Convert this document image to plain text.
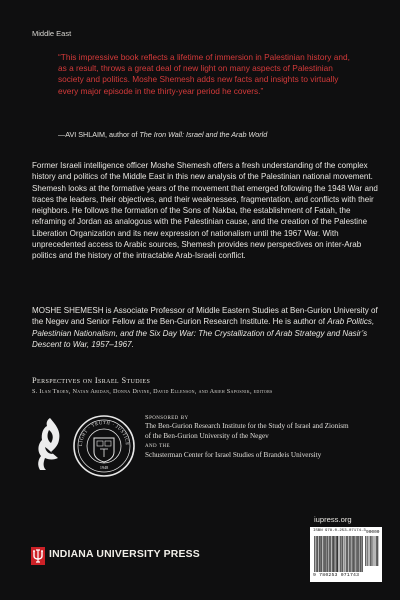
Middle East
“This impressive book reflects a lifetime of immersion in Palestinian history and, as a result, throws a great deal of new light on many aspects of Palestinian society and politics. Moshe Shemesh adds new facts and insights to virtually every major episode in the thirty-year period he covers.”
—AVI SHLAIM, author of The Iron Wall: Israel and the Arab World
Former Israeli intelligence officer Moshe Shemesh offers a fresh understanding of the complex history and politics of the Middle East in this new analysis of the Palestinian national movement. Shemesh looks at the formative years of the movement that emerged following the 1948 War and traces the leaders, their objectives, and their weaknesses, fragmentation, and conflicts with their neighbors. He follows the formation of the Sons of Nakba, the establishment of Fatah, the reframing of Jordan as analogous with the Palestinian cause, and the creation of the Palestine Liberation Organization and its new expression of nationalism until the 1967 War. With unprecedented access to Arabic sources, Shemesh provides new perspectives on inter-Arab politics and the history of the intractable Arab-Israeli conflict.
MOSHE SHEMESH is Associate Professor of Middle Eastern Studies at Ben-Gurion University of the Negev and Senior Fellow at the Ben-Gurion Research Institute. He is author of Arab Politics, Palestinian Nationalism, and the Six Day War: The Crystallization of Arab Strategy and Nasir’s Descent to War, 1957–1967.
Perspectives on Israel Studies
S. Ilan Troen, Natan Aridan, Donna Divine, David Ellenson, and Arieh Saposnik, editors
LIGHT · TRUTH · JUSTICE
1948
Sponsored by
The Ben-Gurion Research Institute for the Study of Israel and Zionism of the Ben-Gurion University of the Negev
and the
Schusterman Center for Israel Studies of Brandeis University
iupress.org
ISBN 978-0-253-07174-3 90000
9 780253 071743
INDIANA UNIVERSITY PRESS
